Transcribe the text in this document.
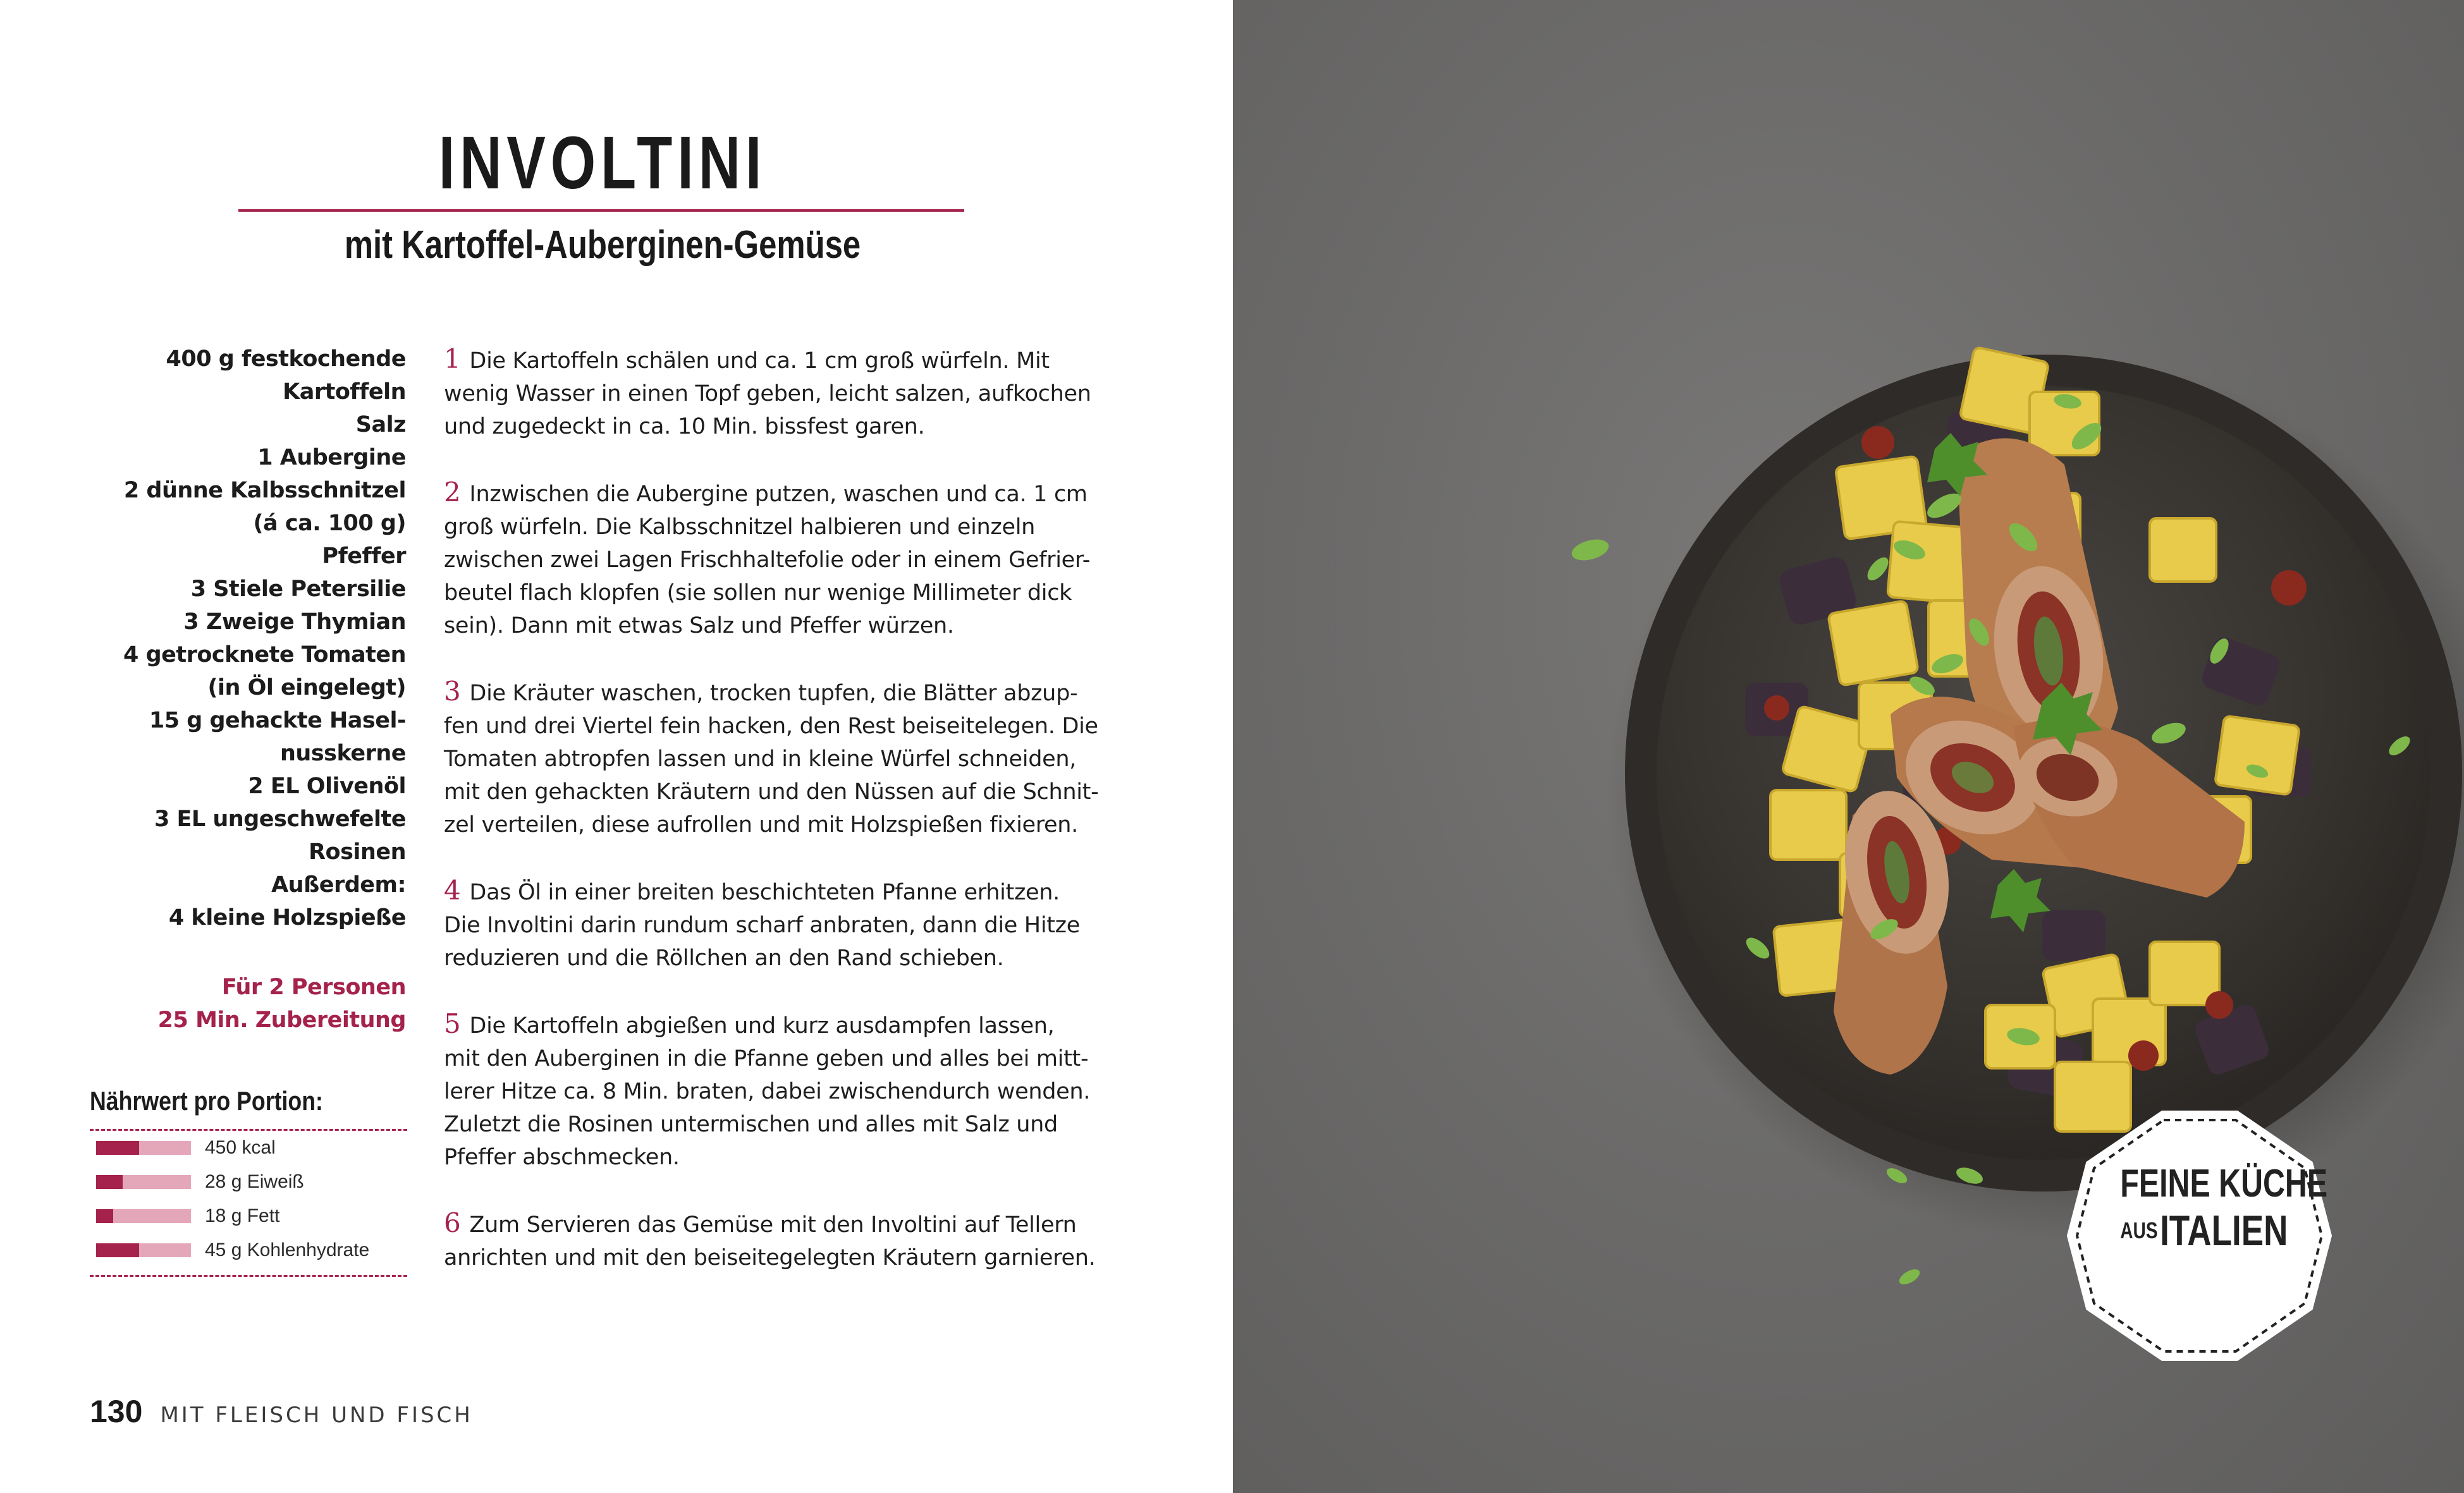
INVOLTINI
mit Kartoffel-Auberginen-Gemüse
400 g festkochende
Kartoffeln
Salz
1 Aubergine
2 dünne Kalbsschnitzel
(á ca. 100 g)
Pfeffer
3 Stiele Petersilie
3 Zweige Thymian
4 getrocknete Tomaten
(in Öl eingelegt)
15 g gehackte Hasel-
nusskerne
2 EL Olivenöl
3 EL ungeschwefelte
Rosinen
Außerdem:
4 kleine Holzspieße
Für 2 Personen
25 Min. Zubereitung
Nährwert pro Portion:
450 kcal
28 g Eiweiß
18 g Fett
45 g Kohlenhydrate
1 Die Kartoffeln schälen und ca. 1 cm groß würfeln. Mit
wenig Wasser in einen Topf geben, leicht salzen, aufkochen
und zugedeckt in ca. 10 Min. bissfest garen.
2 Inzwischen die Aubergine putzen, waschen und ca. 1 cm
groß würfeln. Die Kalbsschnitzel halbieren und einzeln
zwischen zwei Lagen Frischhaltefolie oder in einem Gefrier-
beutel flach klopfen (sie sollen nur wenige Millimeter dick
sein). Dann mit etwas Salz und Pfeffer würzen.
3 Die Kräuter waschen, trocken tupfen, die Blätter abzup-
fen und drei Viertel fein hacken, den Rest beiseitelegen. Die
Tomaten abtropfen lassen und in kleine Würfel schneiden,
mit den gehackten Kräutern und den Nüssen auf die Schnit-
zel verteilen, diese aufrollen und mit Holzspießen fixieren.
4 Das Öl in einer breiten beschichteten Pfanne erhitzen.
Die Involtini darin rundum scharf anbraten, dann die Hitze
reduzieren und die Röllchen an den Rand schieben.
5 Die Kartoffeln abgießen und kurz ausdampfen lassen,
mit den Auberginen in die Pfanne geben und alles bei mitt-
lerer Hitze ca. 8 Min. braten, dabei zwischendurch wenden.
Zuletzt die Rosinen untermischen und alles mit Salz und
Pfeffer abschmecken.
6 Zum Servieren das Gemüse mit den Involtini auf Tellern
anrichten und mit den beiseitegelegten Kräutern garnieren.
130 MIT FLEISCH UND FISCH
FEINE KÜCHE
AUS ITALIEN
